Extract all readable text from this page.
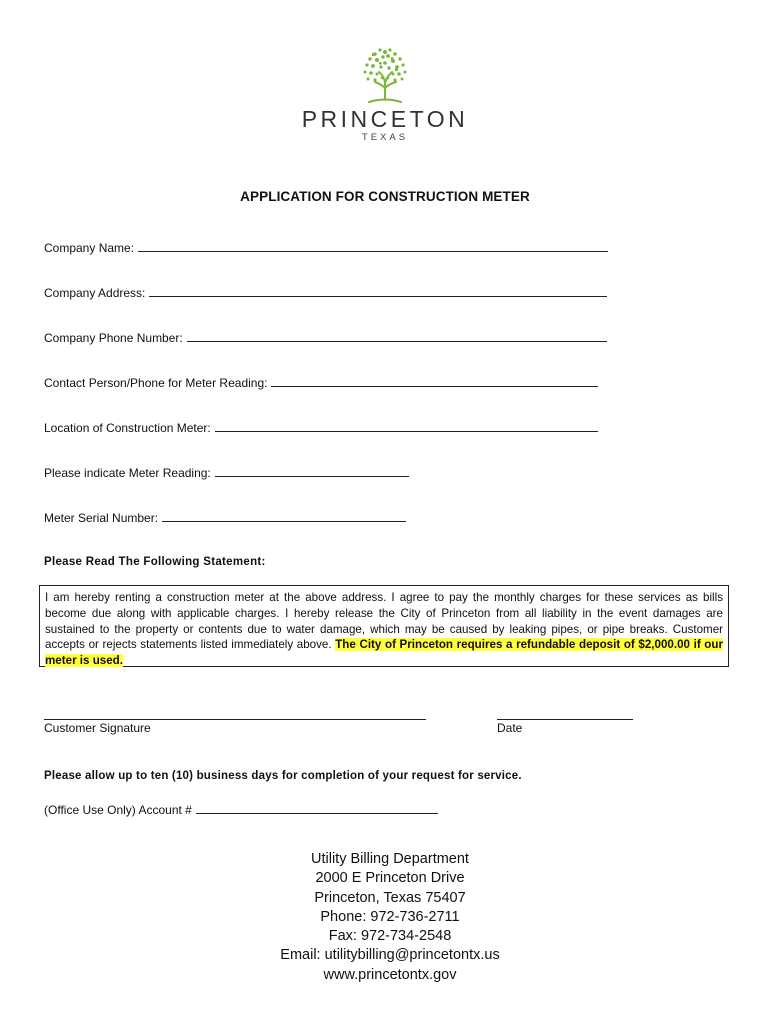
PRINCETON
TEXAS
APPLICATION FOR CONSTRUCTION METER
Company Name:
Company Address:
Company Phone Number:
Contact Person/Phone for Meter Reading:
Location of Construction Meter:
Please indicate Meter Reading:
Meter Serial Number:
Please Read The Following Statement:
I am hereby renting a construction meter at the above address. I agree to pay the monthly charges for these services as bills become due along with applicable charges. I hereby release the City of Princeton from all liability in the event damages are sustained to the property or contents due to water damage, which may be caused by leaking pipes, or pipe breaks. Customer accepts or rejects statements listed immediately above. The City of Princeton requires a refundable deposit of $2,000.00 if our meter is used.
Customer Signature	Date
Please allow up to ten (10) business days for completion of your request for service.
(Office Use Only) Account #
Utility Billing Department
2000 E Princeton Drive
Princeton, Texas 75407
Phone: 972-736-2711
Fax: 972-734-2548
Email: utilitybilling@princetontx.us
www.princetontx.gov
